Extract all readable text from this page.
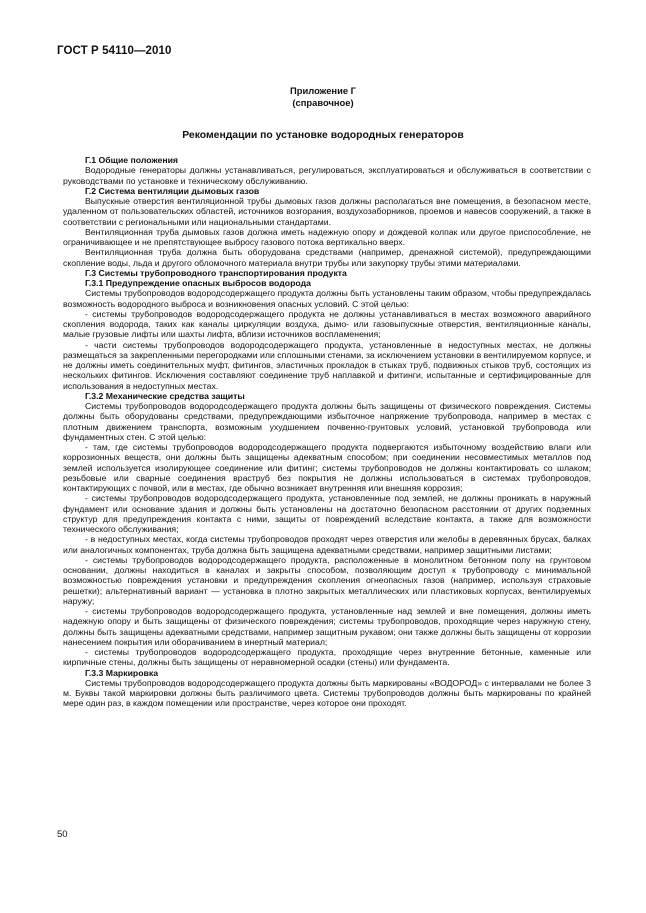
ГОСТ Р 54110—2010
Приложение Г
(справочное)
Рекомендации по установке водородных генераторов

Г.1 Общие положения

Водородные генераторы должны устанавливаться, регулироваться, эксплуатироваться и обслуживаться в соответствии с руководствами по установке и техническому обслуживанию.

Г.2 Система вентиляции дымовых газов

Выпускные отверстия вентиляционной трубы дымовых газов должны располагаться вне помещения, в безопасном месте, удаленном от пользовательских областей, источников возгорания, воздухозаборников, проемов и навесов сооружений, а также в соответствии с региональными или национальными стандартами.

Вентиляционная труба дымовых газов должна иметь надежную опору и дождевой колпак или другое приспособление, не ограничивающее и не препятствующее выбросу газового потока вертикально вверх.

Вентиляционная труба должна быть оборудована средствами (например, дренажной системой), предупреждающими скопление воды, льда и другого обломочного материала внутри трубы или закупорку трубы этими материалами.

Г.3 Системы трубопроводного транспортирования продукта

Г.3.1 Предупреждение опасных выбросов водорода

Системы трубопроводов водородсодержащего продукта должны быть установлены таким образом, чтобы предупреждалась возможность водородного выброса и возникновения опасных условий. С этой целью:

- системы трубопроводов водородсодержащего продукта не должны устанавливаться в местах возможного аварийного скопления водорода, таких как каналы циркуляции воздуха, дымо- или газовыпускные отверстия, вентиляционные каналы, малые грузовые лифты или шахты лифта, вблизи источников воспламенения;

- части системы трубопроводов водородсодержащего продукта, установленные в недоступных местах, не должны размещаться за закрепленными перегородками или сплошными стенами, за исключением установки в вентилируемом корпусе, и не должны иметь соединительных муфт, фитингов, эластичных прокладок в стыках труб, подвижных стыков труб, состоящих из нескольких фитингов. Исключения составляют соединение труб наплавкой и фитинги, испытанные и сертифицированные для использования в недоступных местах.

Г.3.2 Механические средства защиты

Системы трубопроводов водородсодержащего продукта должны быть защищены от физического повреждения. Системы должны быть оборудованы средствами, предупреждающими избыточное напряжение трубопровода, например в местах с плотным движением транспорта, возможным ухудшением почвенно-грунтовых условий, установкой трубопровода или фундаментных стен. С этой целью:

- там, где системы трубопроводов водородсодержащего продукта подвергаются избыточному воздействию влаги или коррозионных веществ, они должны быть защищены адекватным способом; при соединении несовместимых металлов под землей используется изолирующее соединение или фитинг; системы трубопроводов не должны контактировать со шлаком; резьбовые или сварные соединения враструб без покрытия не должны использоваться в системах трубопроводов, контактирующих с почвой, или в местах, где обычно возникает внутренняя или внешняя коррозия;

- системы трубопроводов водородсодержащего продукта, установленные под землей, не должны проникать в наружный фундамент или основание здания и должны быть установлены на достаточно безопасном расстоянии от других подземных структур для предупреждения контакта с ними, защиты от повреждений вследствие контакта, а также для возможности технического обслуживания;

- в недоступных местах, когда системы трубопроводов проходят через отверстия или желобы в деревянных брусах, балках или аналогичных компонентах, труба должна быть защищена адекватными средствами, например защитными листами;

- системы трубопроводов водородсодержащего продукта, расположенные в монолитном бетонном полу на грунтовом основании, должны находиться в каналах и закрыты способом, позволяющим доступ к трубопроводу с минимальной возможностью повреждения установки и предупреждения скопления огнеопасных газов (например, используя страховые решетки); альтернативный вариант — установка в плотно закрытых металлических или пластиковых корпусах, вентилируемых наружу;

- системы трубопроводов водородсодержащего продукта, установленные над землей и вне помещения, должны иметь надежную опору и быть защищены от физического повреждения; системы трубопроводов, проходящие через наружную стену, должны быть защищены адекватными средствами, например защитным рукавом; они также должны быть защищены от коррозии нанесением покрытия или оборачиванием в инертный материал;

- системы трубопроводов водородсодержащего продукта, проходящие через внутренние бетонные, каменные или кирпичные стены, должны быть защищены от неравномерной осадки (стены) или фундамента.

Г.3.3 Маркировка

Системы трубопроводов водородсодержащего продукта должны быть маркированы «ВОДОРОД» с интервалами не более 3 м. Буквы такой маркировки должны быть различимого цвета. Системы трубопроводов должны быть маркированы по крайней мере один раз, в каждом помещении или пространстве, через которое они проходят.

50
